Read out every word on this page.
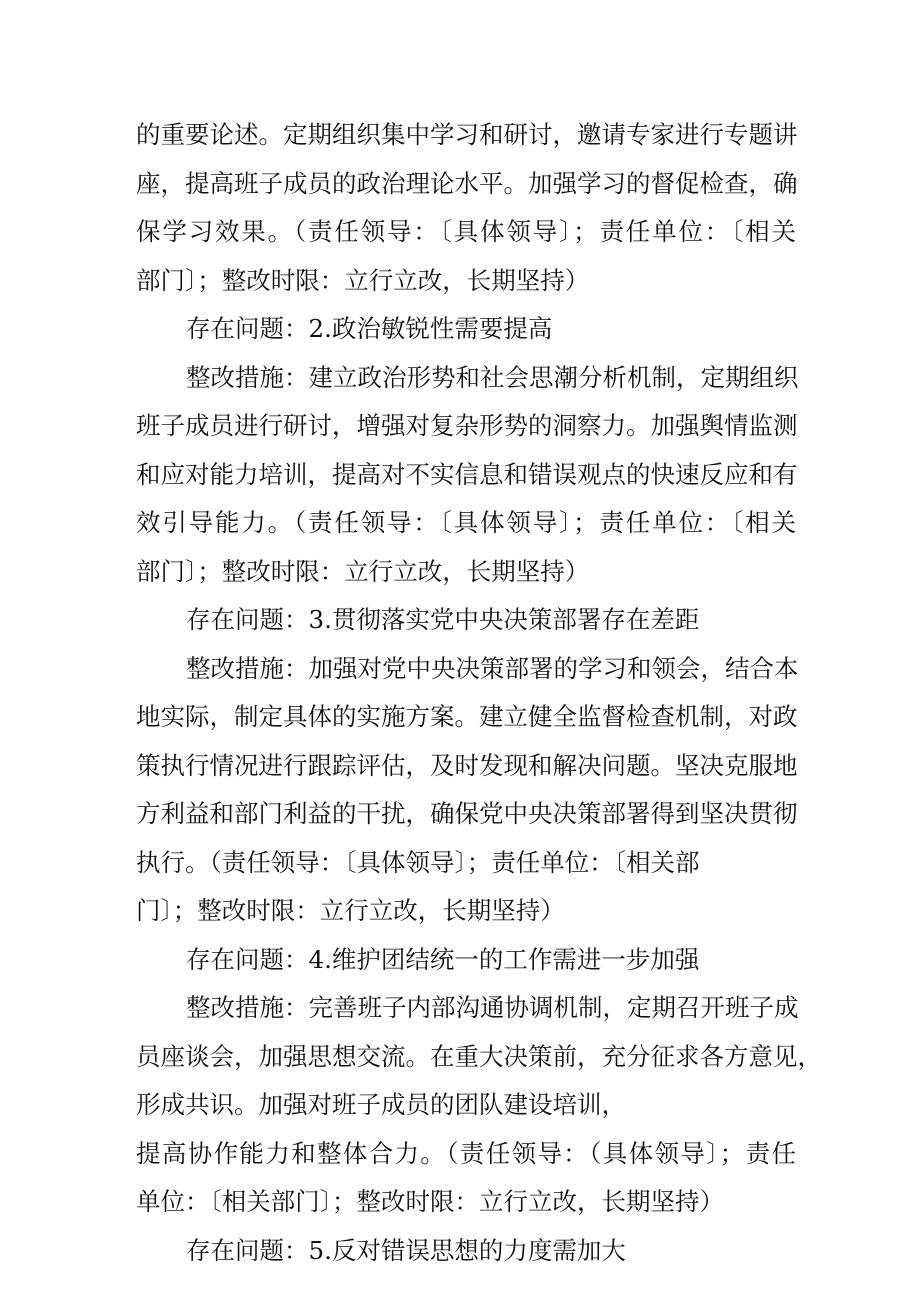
的重要论述。定期组织集中学习和研讨，邀请专家进行专题讲
座，提高班子成员的政治理论水平。加强学习的督促检查，确
保学习效果。（责任领导：〔具体领导〕；责任单位：〔相关
部门〕；整改时限：立行立改，长期坚持）
存在问题：2.政治敏锐性需要提高
整改措施：建立政治形势和社会思潮分析机制，定期组织
班子成员进行研讨，增强对复杂形势的洞察力。加强舆情监测
和应对能力培训，提高对不实信息和错误观点的快速反应和有
效引导能力。（责任领导：〔具体领导〕；责任单位：〔相关
部门〕；整改时限：立行立改，长期坚持）
存在问题：3.贯彻落实党中央决策部署存在差距
整改措施：加强对党中央决策部署的学习和领会，结合本
地实际，制定具体的实施方案。建立健全监督检查机制，对政
策执行情况进行跟踪评估，及时发现和解决问题。坚决克服地
方利益和部门利益的干扰，确保党中央决策部署得到坚决贯彻
执行。（责任领导：〔具体领导〕；责任单位：〔相关部
门〕；整改时限：立行立改，长期坚持）
存在问题：4.维护团结统一的工作需进一步加强
整改措施：完善班子内部沟通协调机制，定期召开班子成
员座谈会，加强思想交流。在重大决策前，充分征求各方意见，
形成共识。加强对班子成员的团队建设培训，
提高协作能力和整体合力。（责任领导：（具体领导〕；责任
单位：〔相关部门〕；整改时限：立行立改，长期坚持）
存在问题：5.反对错误思想的力度需加大
